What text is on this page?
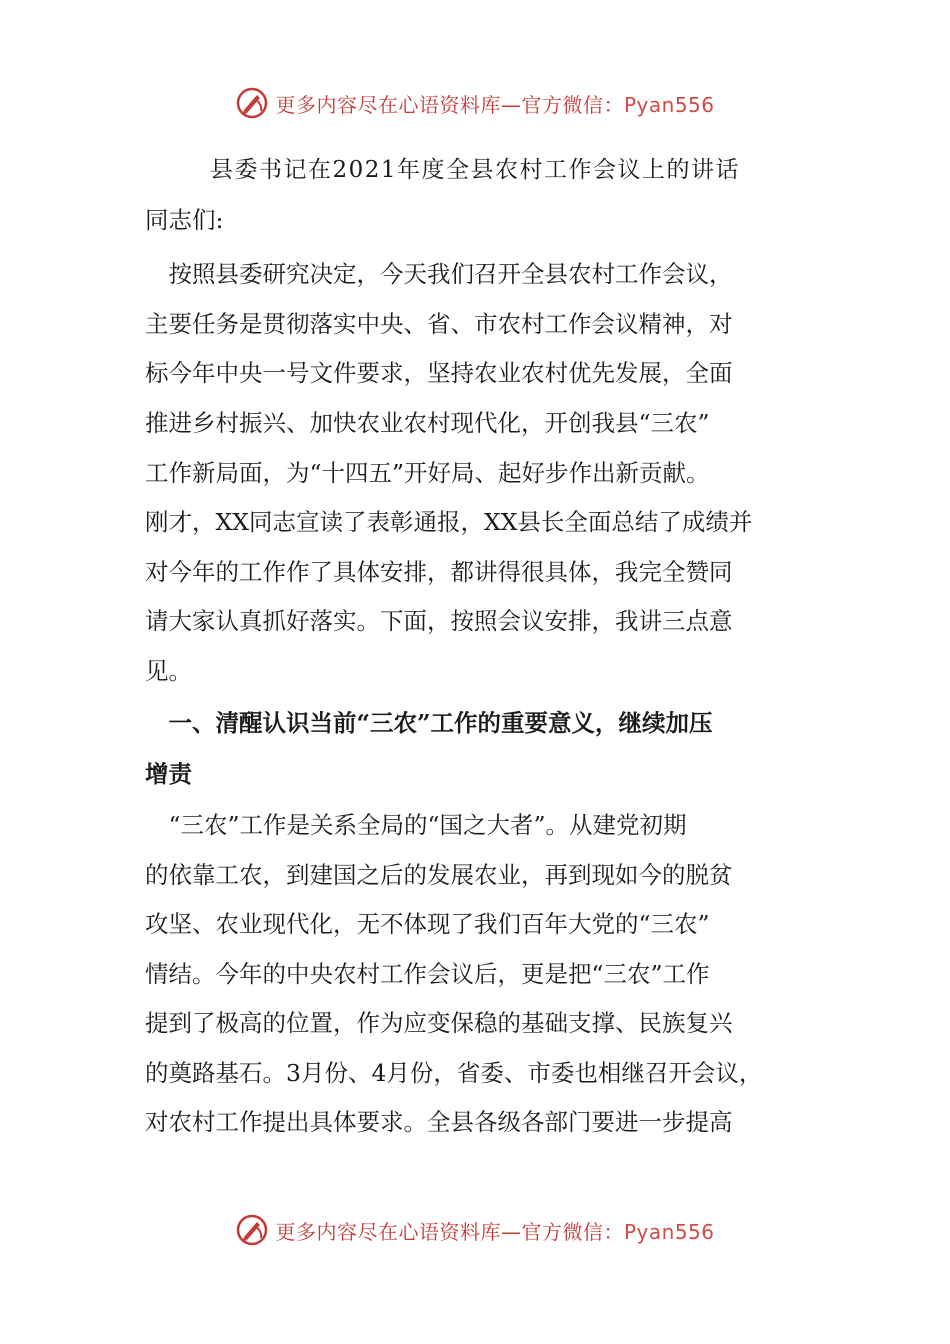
更多内容尽在心语资料库—官方微信：Pyan556
县委书记在2021年度全县农村工作会议上的讲话
同志们:
　按照县委研究决定，今天我们召开全县农村工作会议，
主要任务是贯彻落实中央、省、市农村工作会议精神，对
标今年中央一号文件要求，坚持农业农村优先发展，全面
推进乡村振兴、加快农业农村现代化，开创我县“三农”
工作新局面，为“十四五”开好局、起好步作出新贡献。
刚才，XX同志宣读了表彰通报，XX县长全面总结了成绩并
对今年的工作作了具体安排，都讲得很具体，我完全赞同
请大家认真抓好落实。下面，按照会议安排，我讲三点意
见。
　一、清醒认识当前“三农”工作的重要意义，继续加压
增责
　“三农”工作是关系全局的“国之大者”。从建党初期
的依靠工农，到建国之后的发展农业，再到现如今的脱贫
攻坚、农业现代化，无不体现了我们百年大党的“三农”
情结。今年的中央农村工作会议后，更是把“三农”工作
提到了极高的位置，作为应变保稳的基础支撑、民族复兴
的奠路基石。3月份、4月份，省委、市委也相继召开会议，
对农村工作提出具体要求。全县各级各部门要进一步提高
更多内容尽在心语资料库—官方微信：Pyan556
